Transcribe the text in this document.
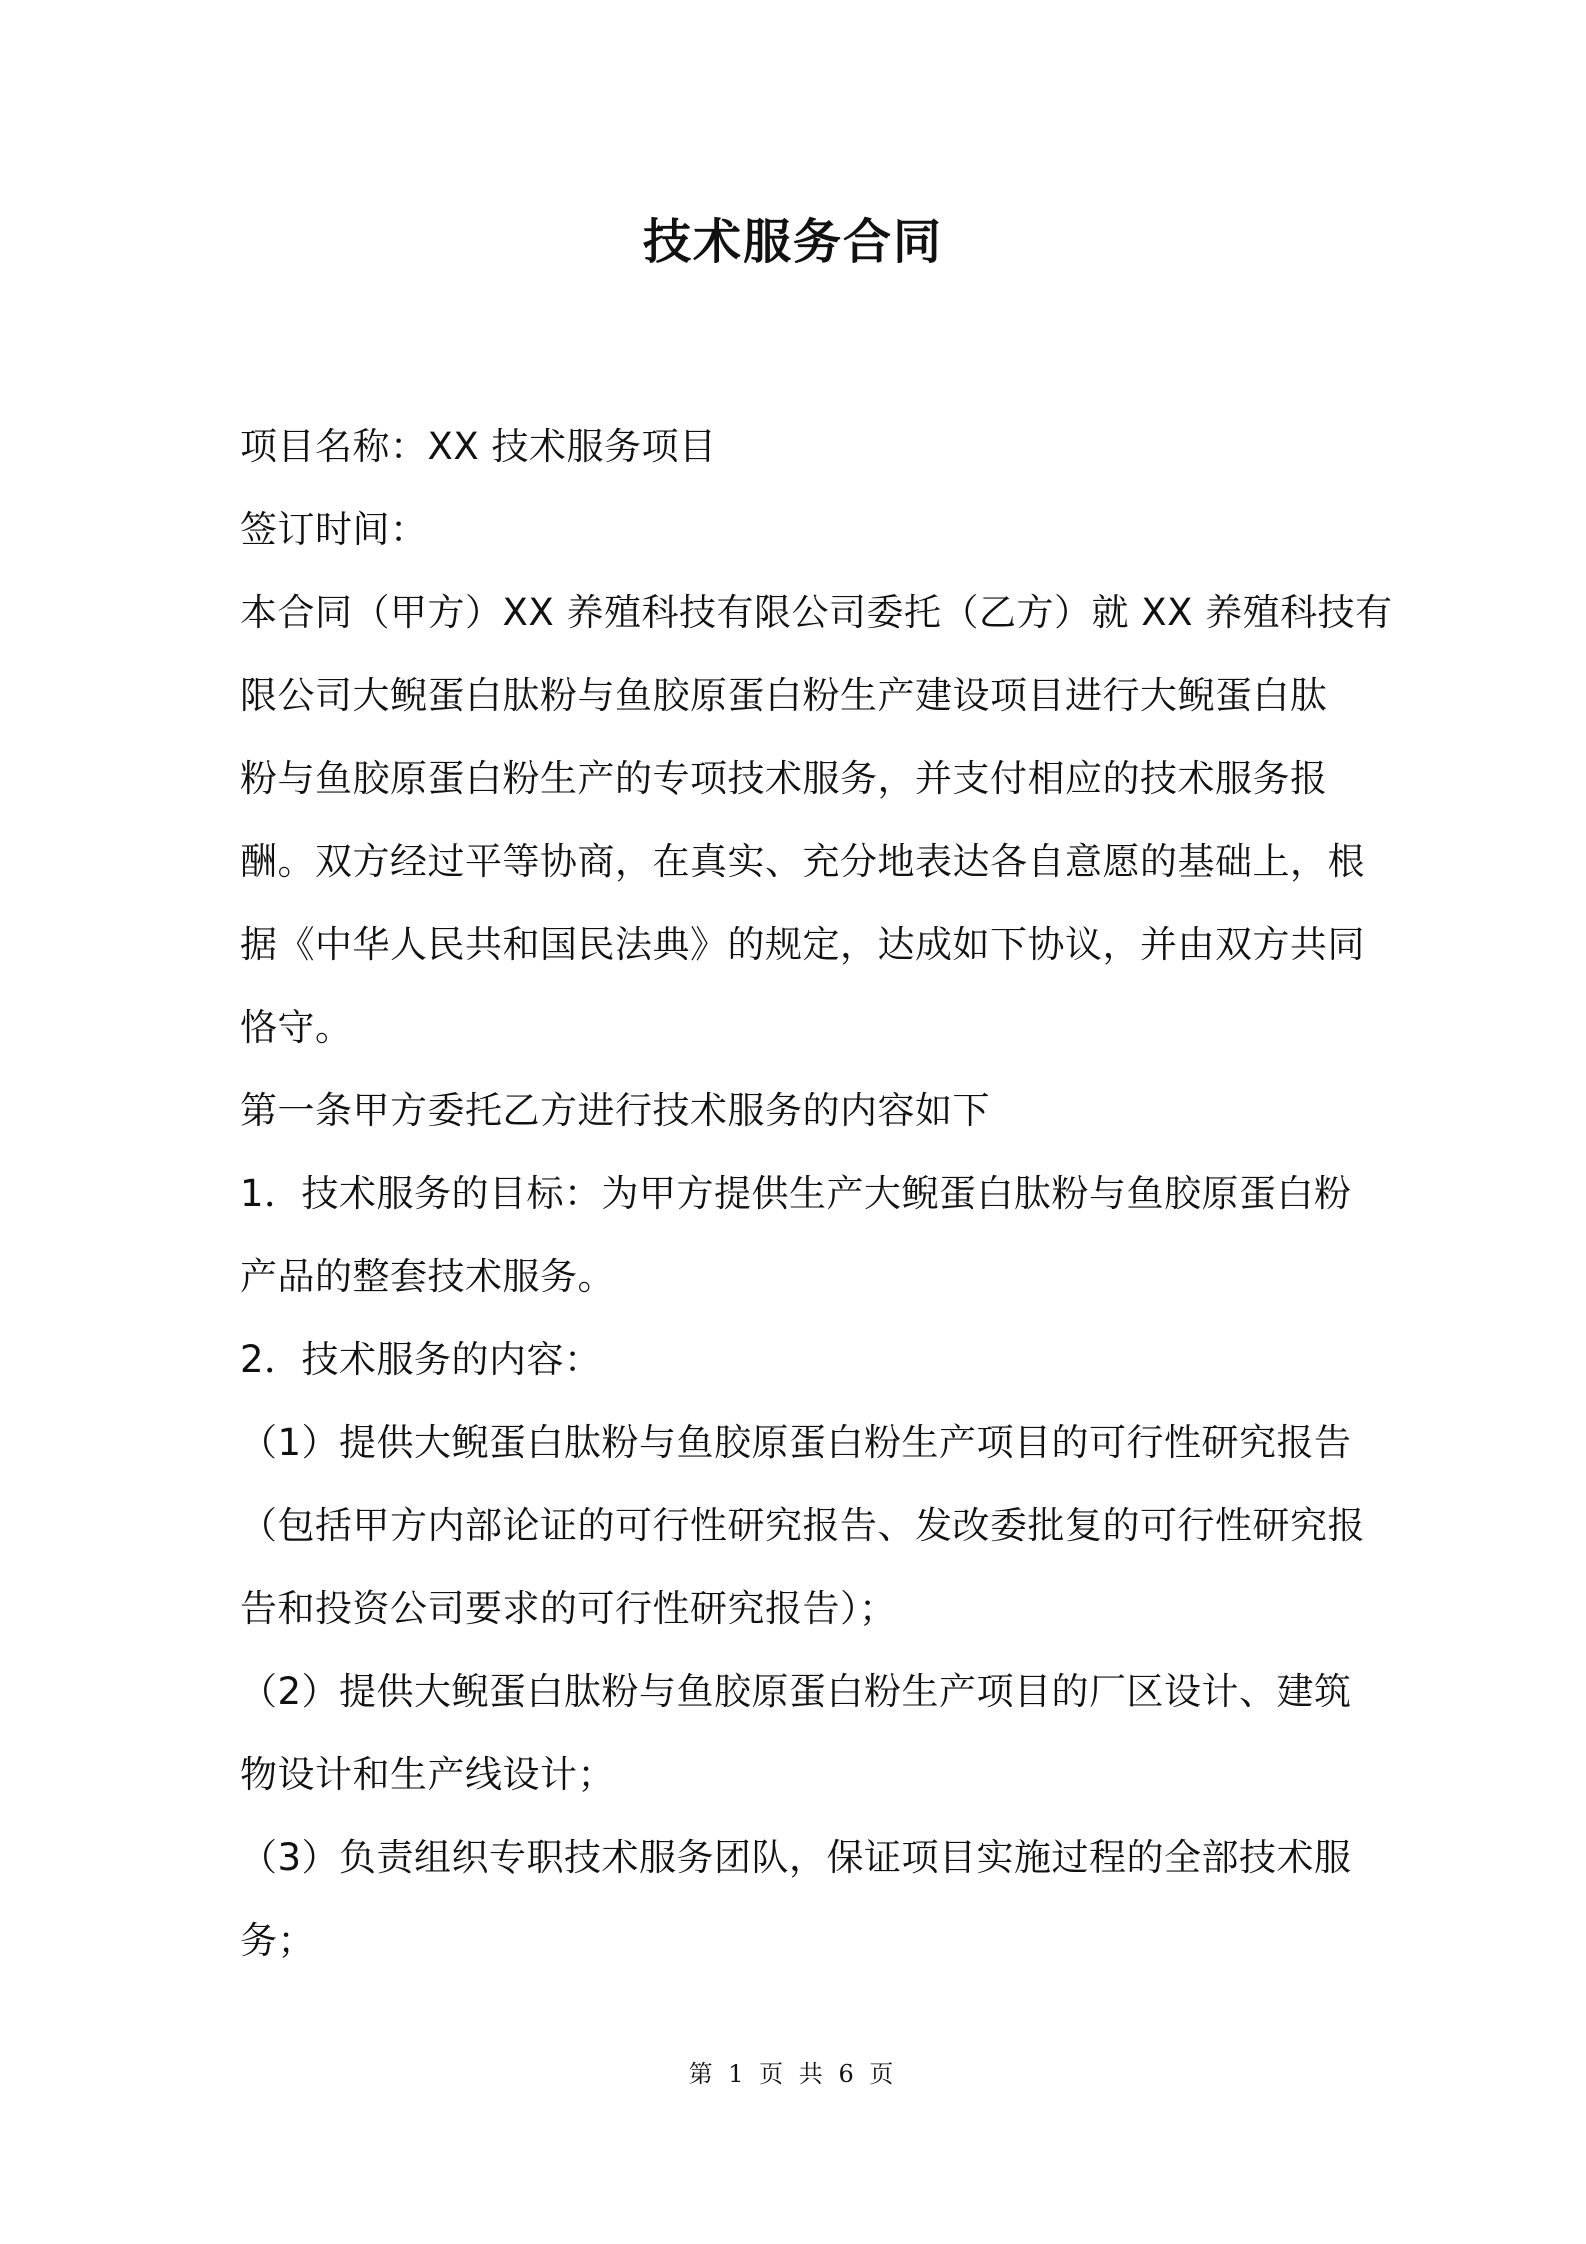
技术服务合同
项目名称：XX 技术服务项目
签订时间：
本合同（甲方）XX 养殖科技有限公司委托（乙方）就 XX 养殖科技有
限公司大鲵蛋白肽粉与鱼胶原蛋白粉生产建设项目进行大鲵蛋白肽
粉与鱼胶原蛋白粉生产的专项技术服务，并支付相应的技术服务报
酬。双方经过平等协商，在真实、充分地表达各自意愿的基础上，根
据《中华人民共和国民法典》的规定，达成如下协议，并由双方共同
恪守。
第一条甲方委托乙方进行技术服务的内容如下
1．技术服务的目标：为甲方提供生产大鲵蛋白肽粉与鱼胶原蛋白粉
产品的整套技术服务。
2．技术服务的内容：
（1）提供大鲵蛋白肽粉与鱼胶原蛋白粉生产项目的可行性研究报告
（包括甲方内部论证的可行性研究报告、发改委批复的可行性研究报
告和投资公司要求的可行性研究报告）；
（2）提供大鲵蛋白肽粉与鱼胶原蛋白粉生产项目的厂区设计、建筑
物设计和生产线设计；
（3）负责组织专职技术服务团队，保证项目实施过程的全部技术服
务；
第 1 页 共 6 页
